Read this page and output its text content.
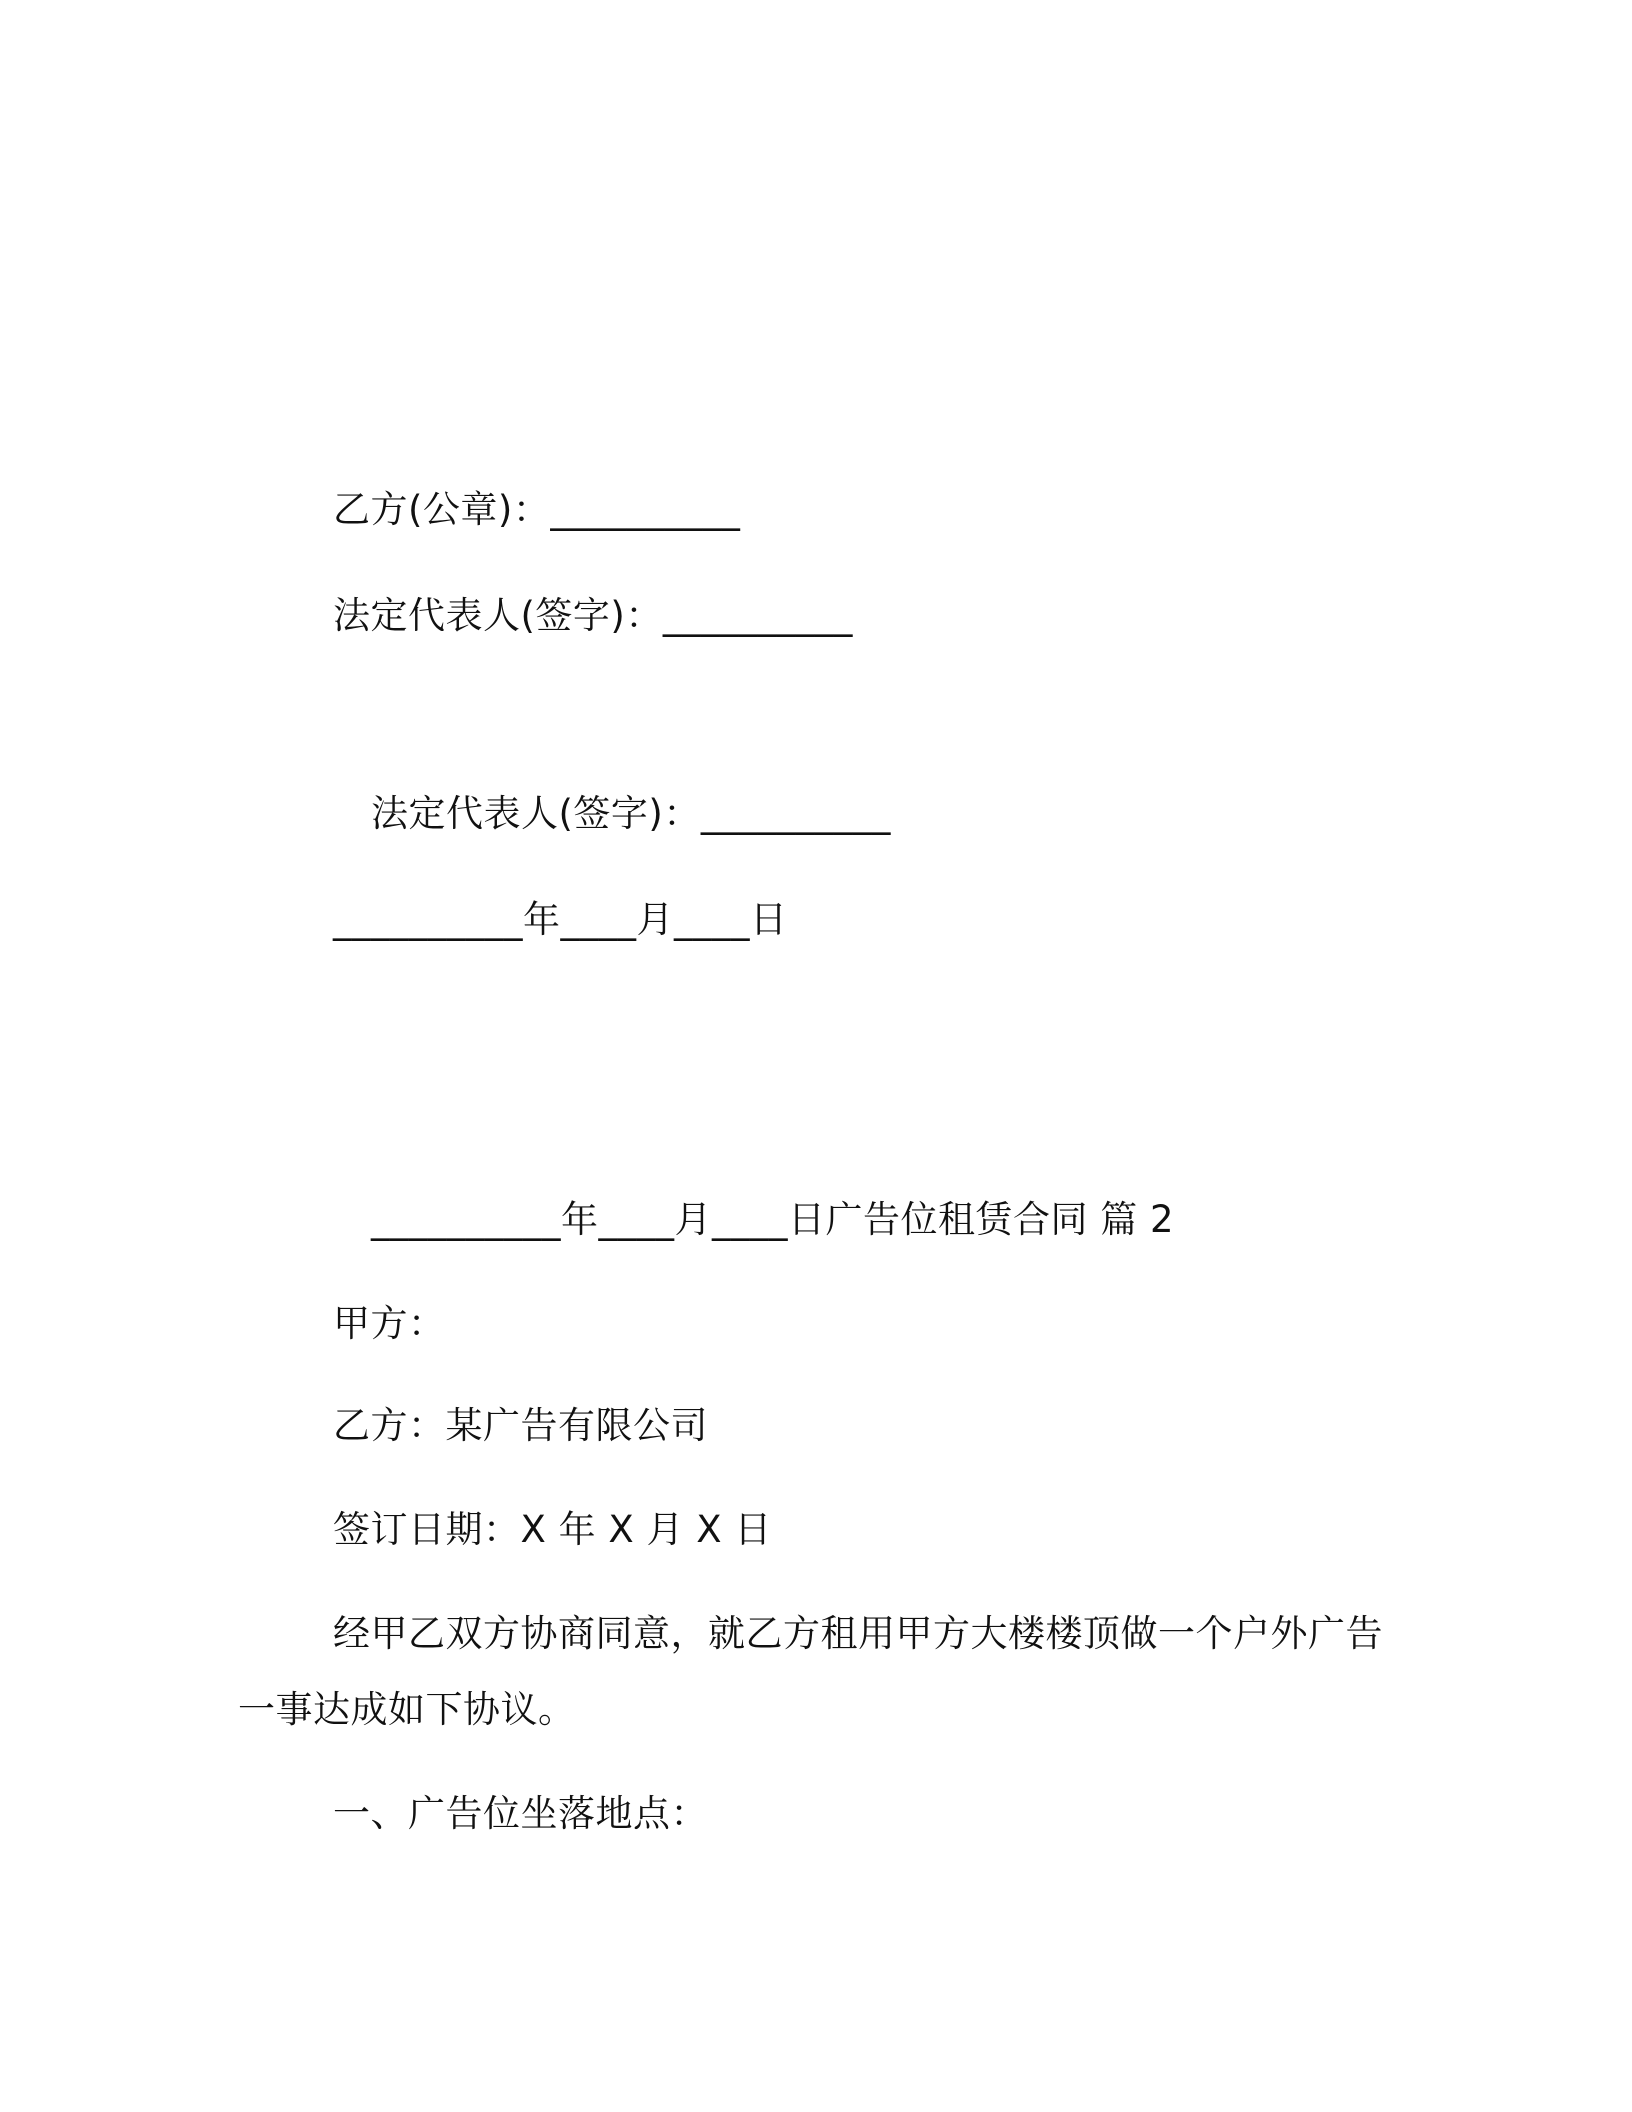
乙方(公章)：__________
法定代表人(签字)：__________
法定代表人(签字)：__________
__________年____月____日
__________年____月____日广告位租赁合同 篇 2
甲方：
乙方：某广告有限公司
签订日期：X 年 X 月 X 日
经甲乙双方协商同意，就乙方租用甲方大楼楼顶做一个户外广告
一事达成如下协议。
一、广告位坐落地点：
